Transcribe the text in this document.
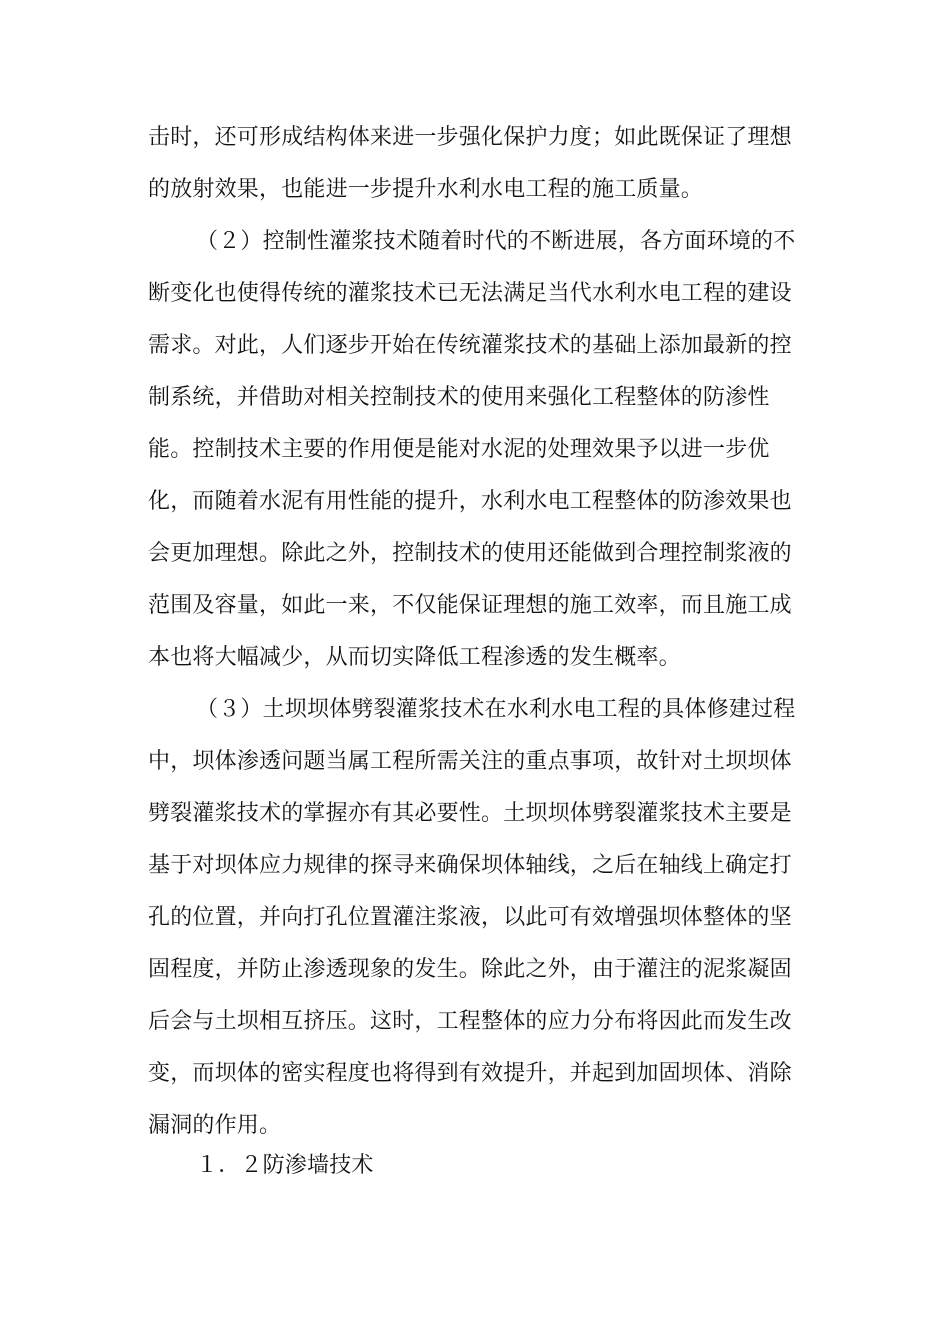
击时，还可形成结构体来进一步强化保护力度；如此既保证了理想
的放射效果，也能进一步提升水利水电工程的施工质量。
（２）控制性灌浆技术随着时代的不断进展，各方面环境的不
断变化也使得传统的灌浆技术已无法满足当代水利水电工程的建设
需求。对此，人们逐步开始在传统灌浆技术的基础上添加最新的控
制系统，并借助对相关控制技术的使用来强化工程整体的防渗性
能。控制技术主要的作用便是能对水泥的处理效果予以进一步优
化，而随着水泥有用性能的提升，水利水电工程整体的防渗效果也
会更加理想。除此之外，控制技术的使用还能做到合理控制浆液的
范围及容量，如此一来，不仅能保证理想的施工效率，而且施工成
本也将大幅减少，从而切实降低工程渗透的发生概率。
（３）土坝坝体劈裂灌浆技术在水利水电工程的具体修建过程
中，坝体渗透问题当属工程所需关注的重点事项，故针对土坝坝体
劈裂灌浆技术的掌握亦有其必要性。土坝坝体劈裂灌浆技术主要是
基于对坝体应力规律的探寻来确保坝体轴线，之后在轴线上确定打
孔的位置，并向打孔位置灌注浆液，以此可有效增强坝体整体的坚
固程度，并防止渗透现象的发生。除此之外，由于灌注的泥浆凝固
后会与土坝相互挤压。这时，工程整体的应力分布将因此而发生改
变，而坝体的密实程度也将得到有效提升，并起到加固坝体、消除
漏洞的作用。
１．２防渗墙技术
